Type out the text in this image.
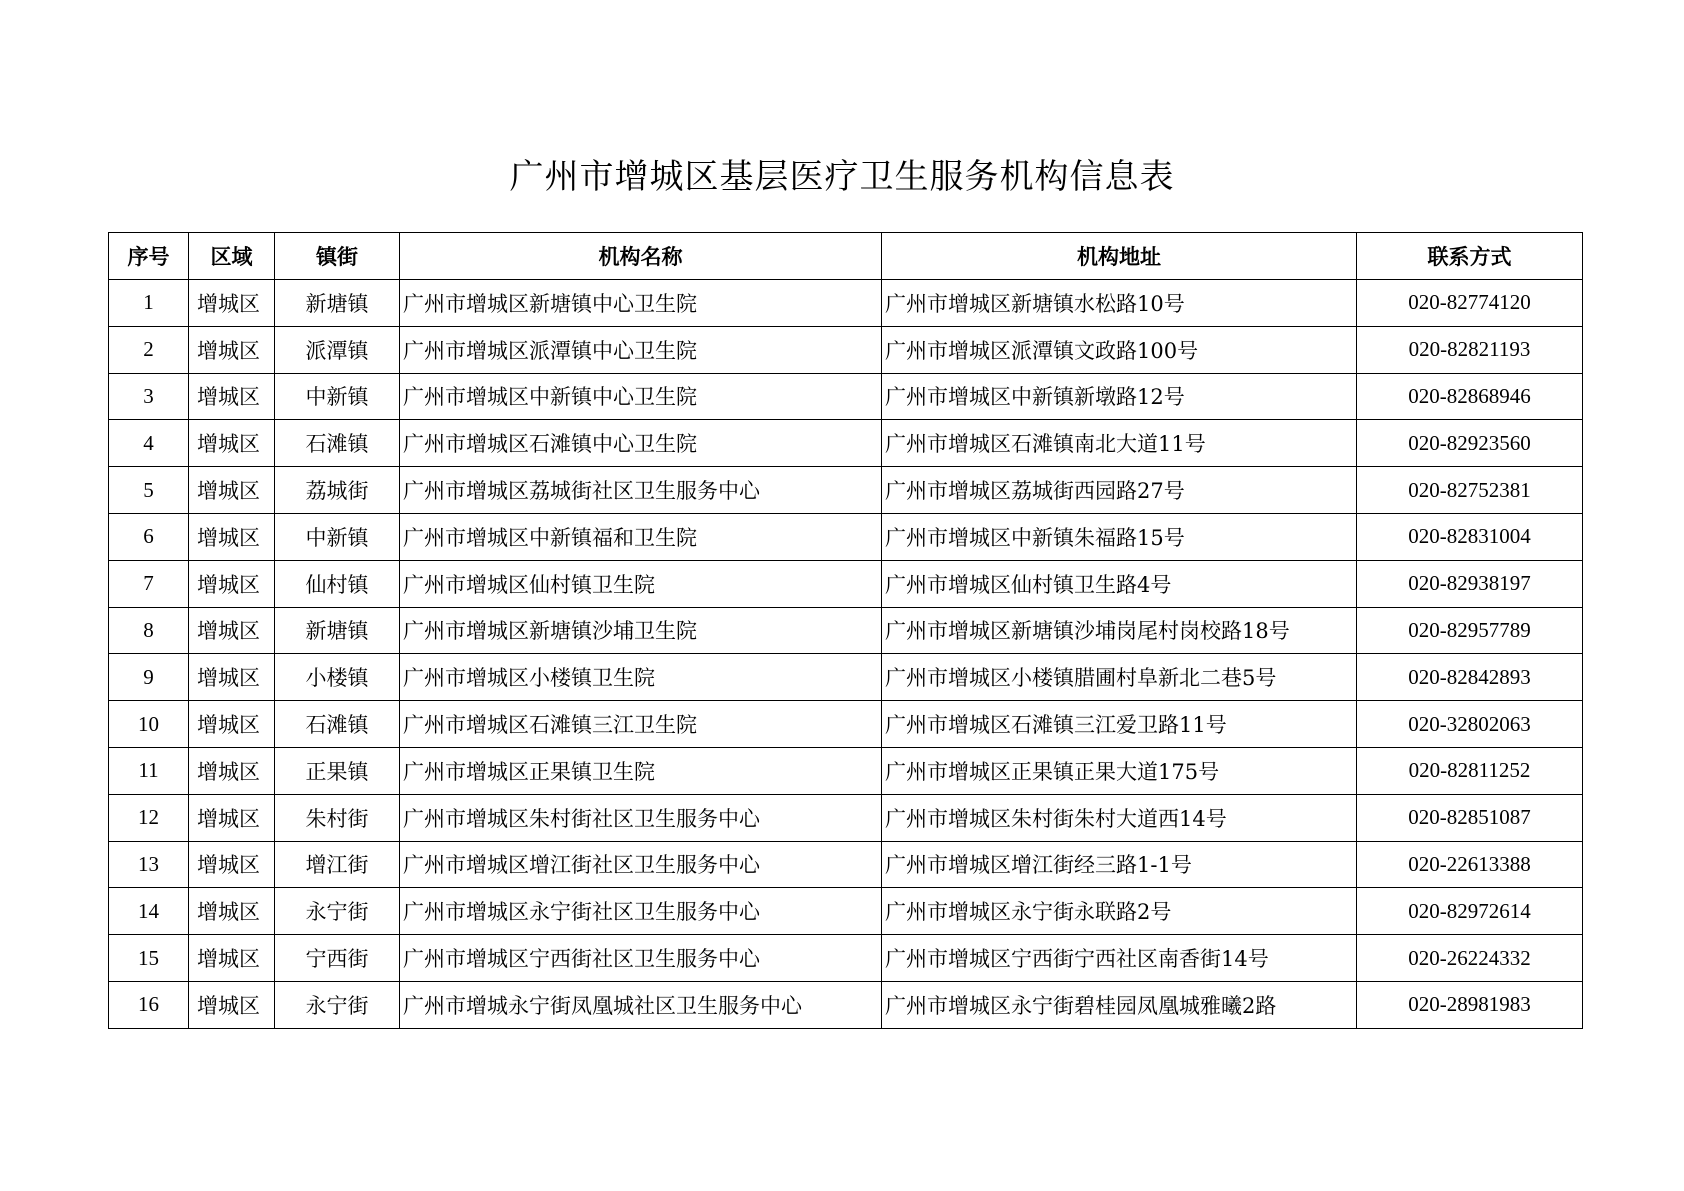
广州市增城区基层医疗卫生服务机构信息表
序号	区域	镇街	机构名称	机构地址	联系方式
1	增城区	新塘镇	广州市增城区新塘镇中心卫生院	广州市增城区新塘镇水松路10号	020-82774120
2	增城区	派潭镇	广州市增城区派潭镇中心卫生院	广州市增城区派潭镇文政路100号	020-82821193
3	增城区	中新镇	广州市增城区中新镇中心卫生院	广州市增城区中新镇新墩路12号	020-82868946
4	增城区	石滩镇	广州市增城区石滩镇中心卫生院	广州市增城区石滩镇南北大道11号	020-82923560
5	增城区	荔城街	广州市增城区荔城街社区卫生服务中心	广州市增城区荔城街西园路27号	020-82752381
6	增城区	中新镇	广州市增城区中新镇福和卫生院	广州市增城区中新镇朱福路15号	020-82831004
7	增城区	仙村镇	广州市增城区仙村镇卫生院	广州市增城区仙村镇卫生路4号	020-82938197
8	增城区	新塘镇	广州市增城区新塘镇沙埔卫生院	广州市增城区新塘镇沙埔岗尾村岗校路18号	020-82957789
9	增城区	小楼镇	广州市增城区小楼镇卫生院	广州市增城区小楼镇腊圃村阜新北二巷5号	020-82842893
10	增城区	石滩镇	广州市增城区石滩镇三江卫生院	广州市增城区石滩镇三江爱卫路11号	020-32802063
11	增城区	正果镇	广州市增城区正果镇卫生院	广州市增城区正果镇正果大道175号	020-82811252
12	增城区	朱村街	广州市增城区朱村街社区卫生服务中心	广州市增城区朱村街朱村大道西14号	020-82851087
13	增城区	增江街	广州市增城区增江街社区卫生服务中心	广州市增城区增江街经三路1-1号	020-22613388
14	增城区	永宁街	广州市增城区永宁街社区卫生服务中心	广州市增城区永宁街永联路2号	020-82972614
15	增城区	宁西街	广州市增城区宁西街社区卫生服务中心	广州市增城区宁西街宁西社区南香街14号	020-26224332
16	增城区	永宁街	广州市增城永宁街凤凰城社区卫生服务中心	广州市增城区永宁街碧桂园凤凰城雅曦2路	020-28981983
